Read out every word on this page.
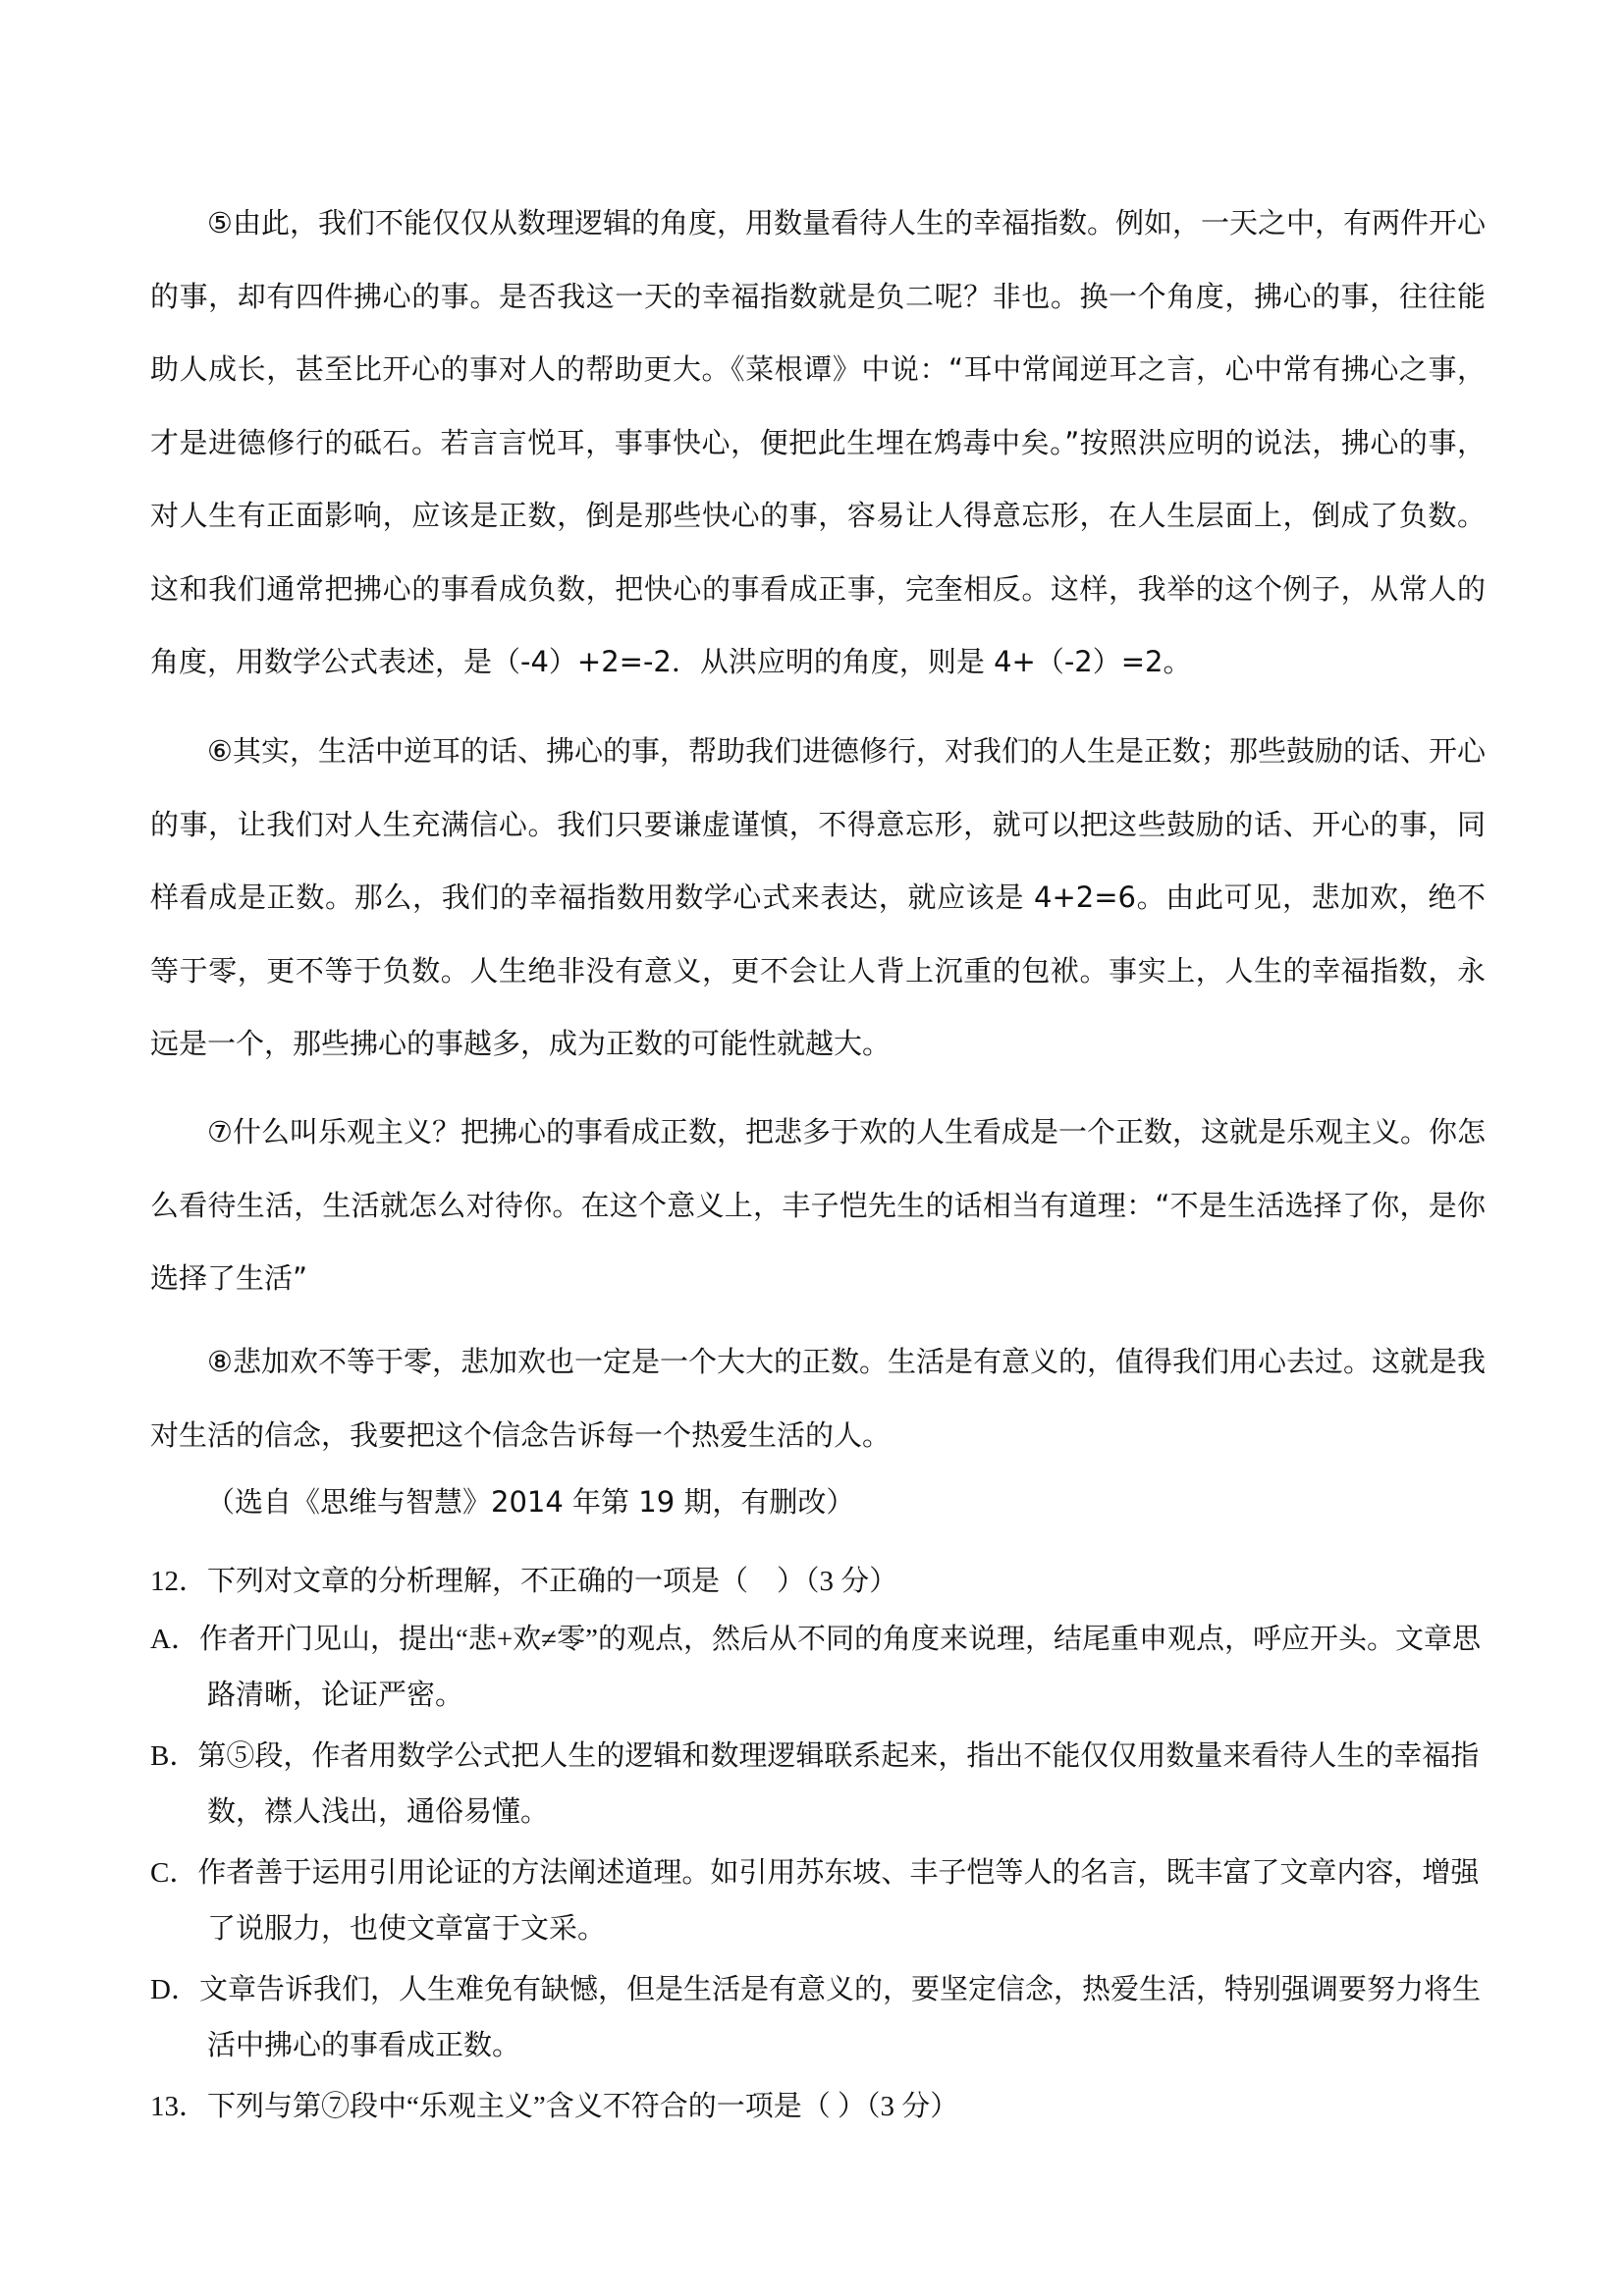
⑤由此，我们不能仅仅从数理逻辑的角度，用数量看待人生的幸福指数。例如，一天之中，有两件开心的事，却有四件拂心的事。是否我这一天的幸福指数就是负二呢？非也。换一个角度，拂心的事，往往能助人成长，甚至比开心的事对人的帮助更大。《菜根谭》中说：“耳中常闻逆耳之言，心中常有拂心之事，才是进德修行的砥石。若言言悦耳，事事快心，便把此生埋在鸩毒中矣。”按照洪应明的说法，拂心的事，对人生有正面影响，应该是正数，倒是那些快心的事，容易让人得意忘形，在人生层面上，倒成了负数。这和我们通常把拂心的事看成负数，把快心的事看成正事，完奎相反。这样，我举的这个例子，从常人的角度，用数学公式表述，是（-4）+2=-2．从洪应明的角度，则是 4+（-2）=2。

⑥其实，生活中逆耳的话、拂心的事，帮助我们进德修行，对我们的人生是正数；那些鼓励的话、开心的事，让我们对人生充满信心。我们只要谦虚谨慎，不得意忘形，就可以把这些鼓励的话、开心的事，同样看成是正数。那么，我们的幸福指数用数学心式来表达，就应该是 4+2=6。由此可见，悲加欢，绝不等于零，更不等于负数。人生绝非没有意义，更不会让人背上沉重的包袱。事实上，人生的幸福指数，永远是一个，那些拂心的事越多，成为正数的可能性就越大。

⑦什么叫乐观主义？把拂心的事看成正数，把悲多于欢的人生看成是一个正数，这就是乐观主义。你怎么看待生活，生活就怎么对待你。在这个意义上，丰子恺先生的话相当有道理：“不是生活选择了你，是你选择了生活”

⑧悲加欢不等于零，悲加欢也一定是一个大大的正数。生活是有意义的，值得我们用心去过。这就是我对生活的信念，我要把这个信念告诉每一个热爱生活的人。

（选自《思维与智慧》2014 年第 19 期，有删改）

12．下列对文章的分析理解，不正确的一项是（　）（3 分）

A．作者开门见山，提出“悲+欢≠零”的观点，然后从不同的角度来说理，结尾重申观点，呼应开头。文章思路清晰，论证严密。

B．第⑤段，作者用数学公式把人生的逻辑和数理逻辑联系起来，指出不能仅仅用数量来看待人生的幸福指数，襟人浅出，通俗易懂。

C．作者善于运用引用论证的方法阐述道理。如引用苏东坡、丰子恺等人的名言，既丰富了文章内容，增强了说服力，也使文章富于文采。

D．文章告诉我们，人生难免有缺憾，但是生活是有意义的，要坚定信念，热爱生活，特别强调要努力将生活中拂心的事看成正数。

13．下列与第⑦段中“乐观主义”含义不符合的一项是（ ）（3 分）
